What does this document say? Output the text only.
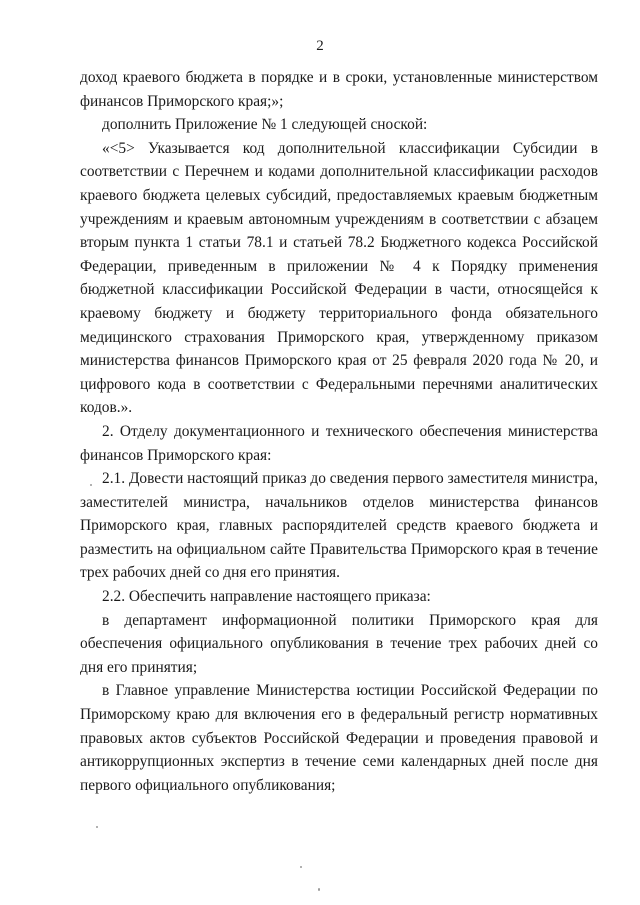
2

доход краевого бюджета в порядке и в сроки, установленные министерством финансов Приморского края;»;

дополнить Приложение № 1 следующей сноской:

«<5> Указывается код дополнительной классификации Субсидии в соответствии с Перечнем и кодами дополнительной классификации расходов краевого бюджета целевых субсидий, предоставляемых краевым бюджетным учреждениям и краевым автономным учреждениям в соответствии с абзацем вторым пункта 1 статьи 78.1 и статьей 78.2 Бюджетного кодекса Российской Федерации, приведенным в приложении № 4 к Порядку применения бюджетной классификации Российской Федерации в части, относящейся к краевому бюджету и бюджету территориального фонда обязательного медицинского страхования Приморского края, утвержденному приказом министерства финансов Приморского края от 25 февраля 2020 года № 20, и цифрового кода в соответствии с Федеральными перечнями аналитических кодов.».

2. Отделу документационного и технического обеспечения министерства финансов Приморского края:

2.1. Довести настоящий приказ до сведения первого заместителя министра, заместителей министра, начальников отделов министерства финансов Приморского края, главных распорядителей средств краевого бюджета и разместить на официальном сайте Правительства Приморского края в течение трех рабочих дней со дня его принятия.

2.2. Обеспечить направление настоящего приказа:

в департамент информационной политики Приморского края для обеспечения официального опубликования в течение трех рабочих дней со дня его принятия;

в Главное управление Министерства юстиции Российской Федерации по Приморскому краю для включения его в федеральный регистр нормативных правовых актов субъектов Российской Федерации и проведения правовой и антикоррупционных экспертиз в течение семи календарных дней после дня первого официального опубликования;
